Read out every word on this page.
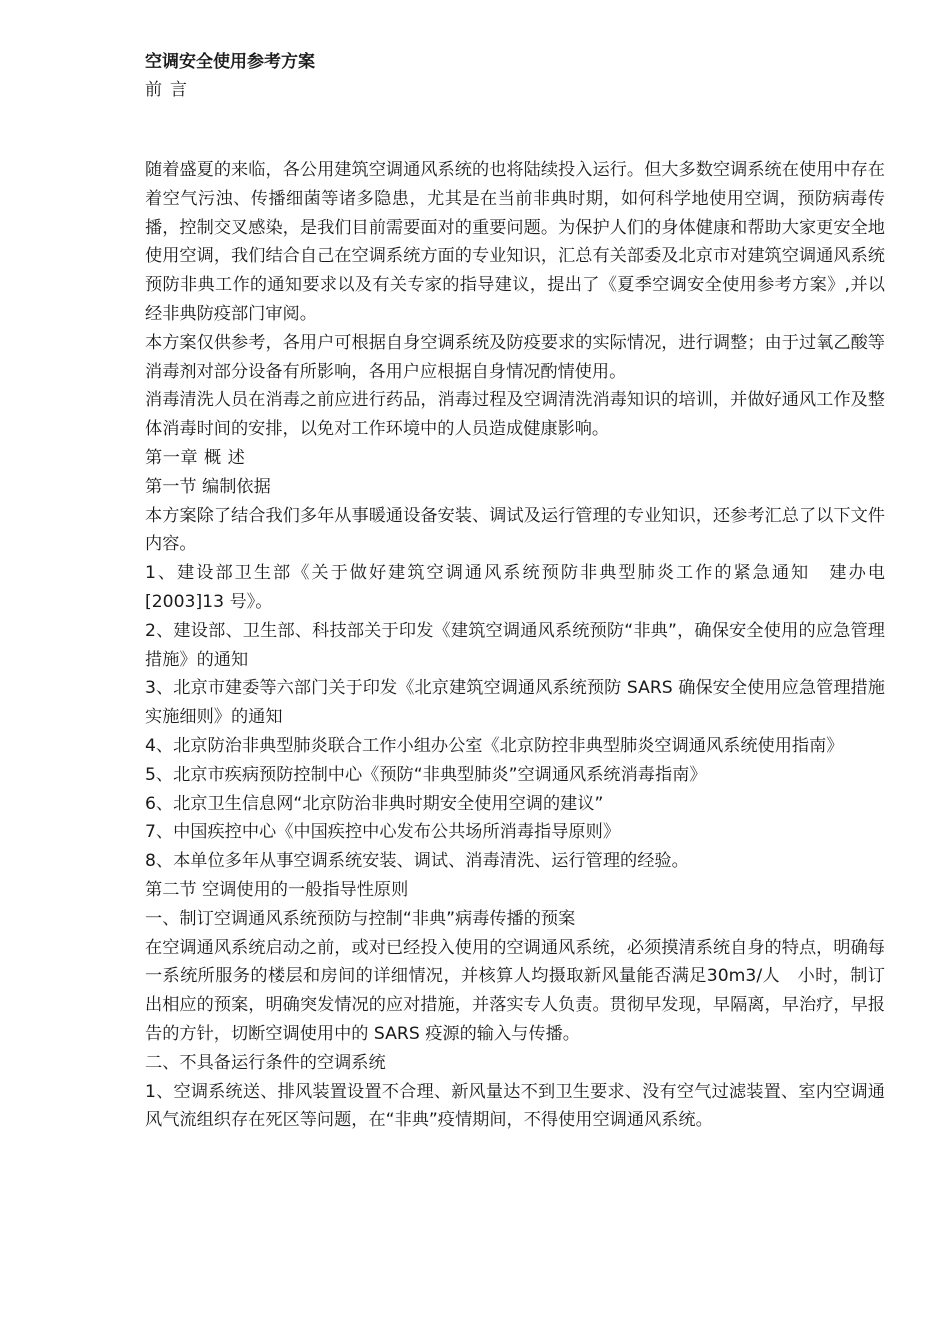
空调安全使用参考方案

前言

随着盛夏的来临，各公用建筑空调通风系统的也将陆续投入运行。但大多数空调系统在使用中存在着空气污浊、传播细菌等诸多隐患，尤其是在当前非典时期，如何科学地使用空调，预防病毒传播，控制交叉感染，是我们目前需要面对的重要问题。为保护人们的身体健康和帮助大家更安全地使用空调，我们结合自己在空调系统方面的专业知识，汇总有关部委及北京市对建筑空调通风系统预防非典工作的通知要求以及有关专家的指导建议，提出了《夏季空调安全使用参考方案》,并以经非典防疫部门审阅。

本方案仅供参考，各用户可根据自身空调系统及防疫要求的实际情况，进行调整；由于过氧乙酸等消毒剂对部分设备有所影响，各用户应根据自身情况酌情使用。

消毒清洗人员在消毒之前应进行药品，消毒过程及空调清洗消毒知识的培训，并做好通风工作及整体消毒时间的安排，以免对工作环境中的人员造成健康影响。

第一章 概 述

第一节 编制依据

本方案除了结合我们多年从事暖通设备安装、调试及运行管理的专业知识，还参考汇总了以下文件内容。

1、建设部卫生部《关于做好建筑空调通风系统预防非典型肺炎工作的紧急通知　建办电[2003]13 号》。

2、建设部、卫生部、科技部关于印发《建筑空调通风系统预防“非典”，确保安全使用的应急管理措施》的通知

3、北京市建委等六部门关于印发《北京建筑空调通风系统预防 SARS 确保安全使用应急管理措施实施细则》的通知

4、北京防治非典型肺炎联合工作小组办公室《北京防控非典型肺炎空调通风系统使用指南》

5、北京市疾病预防控制中心《预防“非典型肺炎”空调通风系统消毒指南》

6、北京卫生信息网“北京防治非典时期安全使用空调的建议”

7、中国疾控中心《中国疾控中心发布公共场所消毒指导原则》

8、本单位多年从事空调系统安装、调试、消毒清洗、运行管理的经验。

第二节 空调使用的一般指导性原则

一、制订空调通风系统预防与控制“非典”病毒传播的预案

在空调通风系统启动之前，或对已经投入使用的空调通风系统，必须摸清系统自身的特点，明确每一系统所服务的楼层和房间的详细情况，并核算人均摄取新风量能否满足30m3/人　小时，制订出相应的预案，明确突发情况的应对措施，并落实专人负责。贯彻早发现，早隔离，早治疗，早报告的方针，切断空调使用中的 SARS 疫源的输入与传播。

二、不具备运行条件的空调系统

1、空调系统送、排风装置设置不合理、新风量达不到卫生要求、没有空气过滤装置、室内空调通风气流组织存在死区等问题，在“非典”疫情期间，不得使用空调通风系统。
